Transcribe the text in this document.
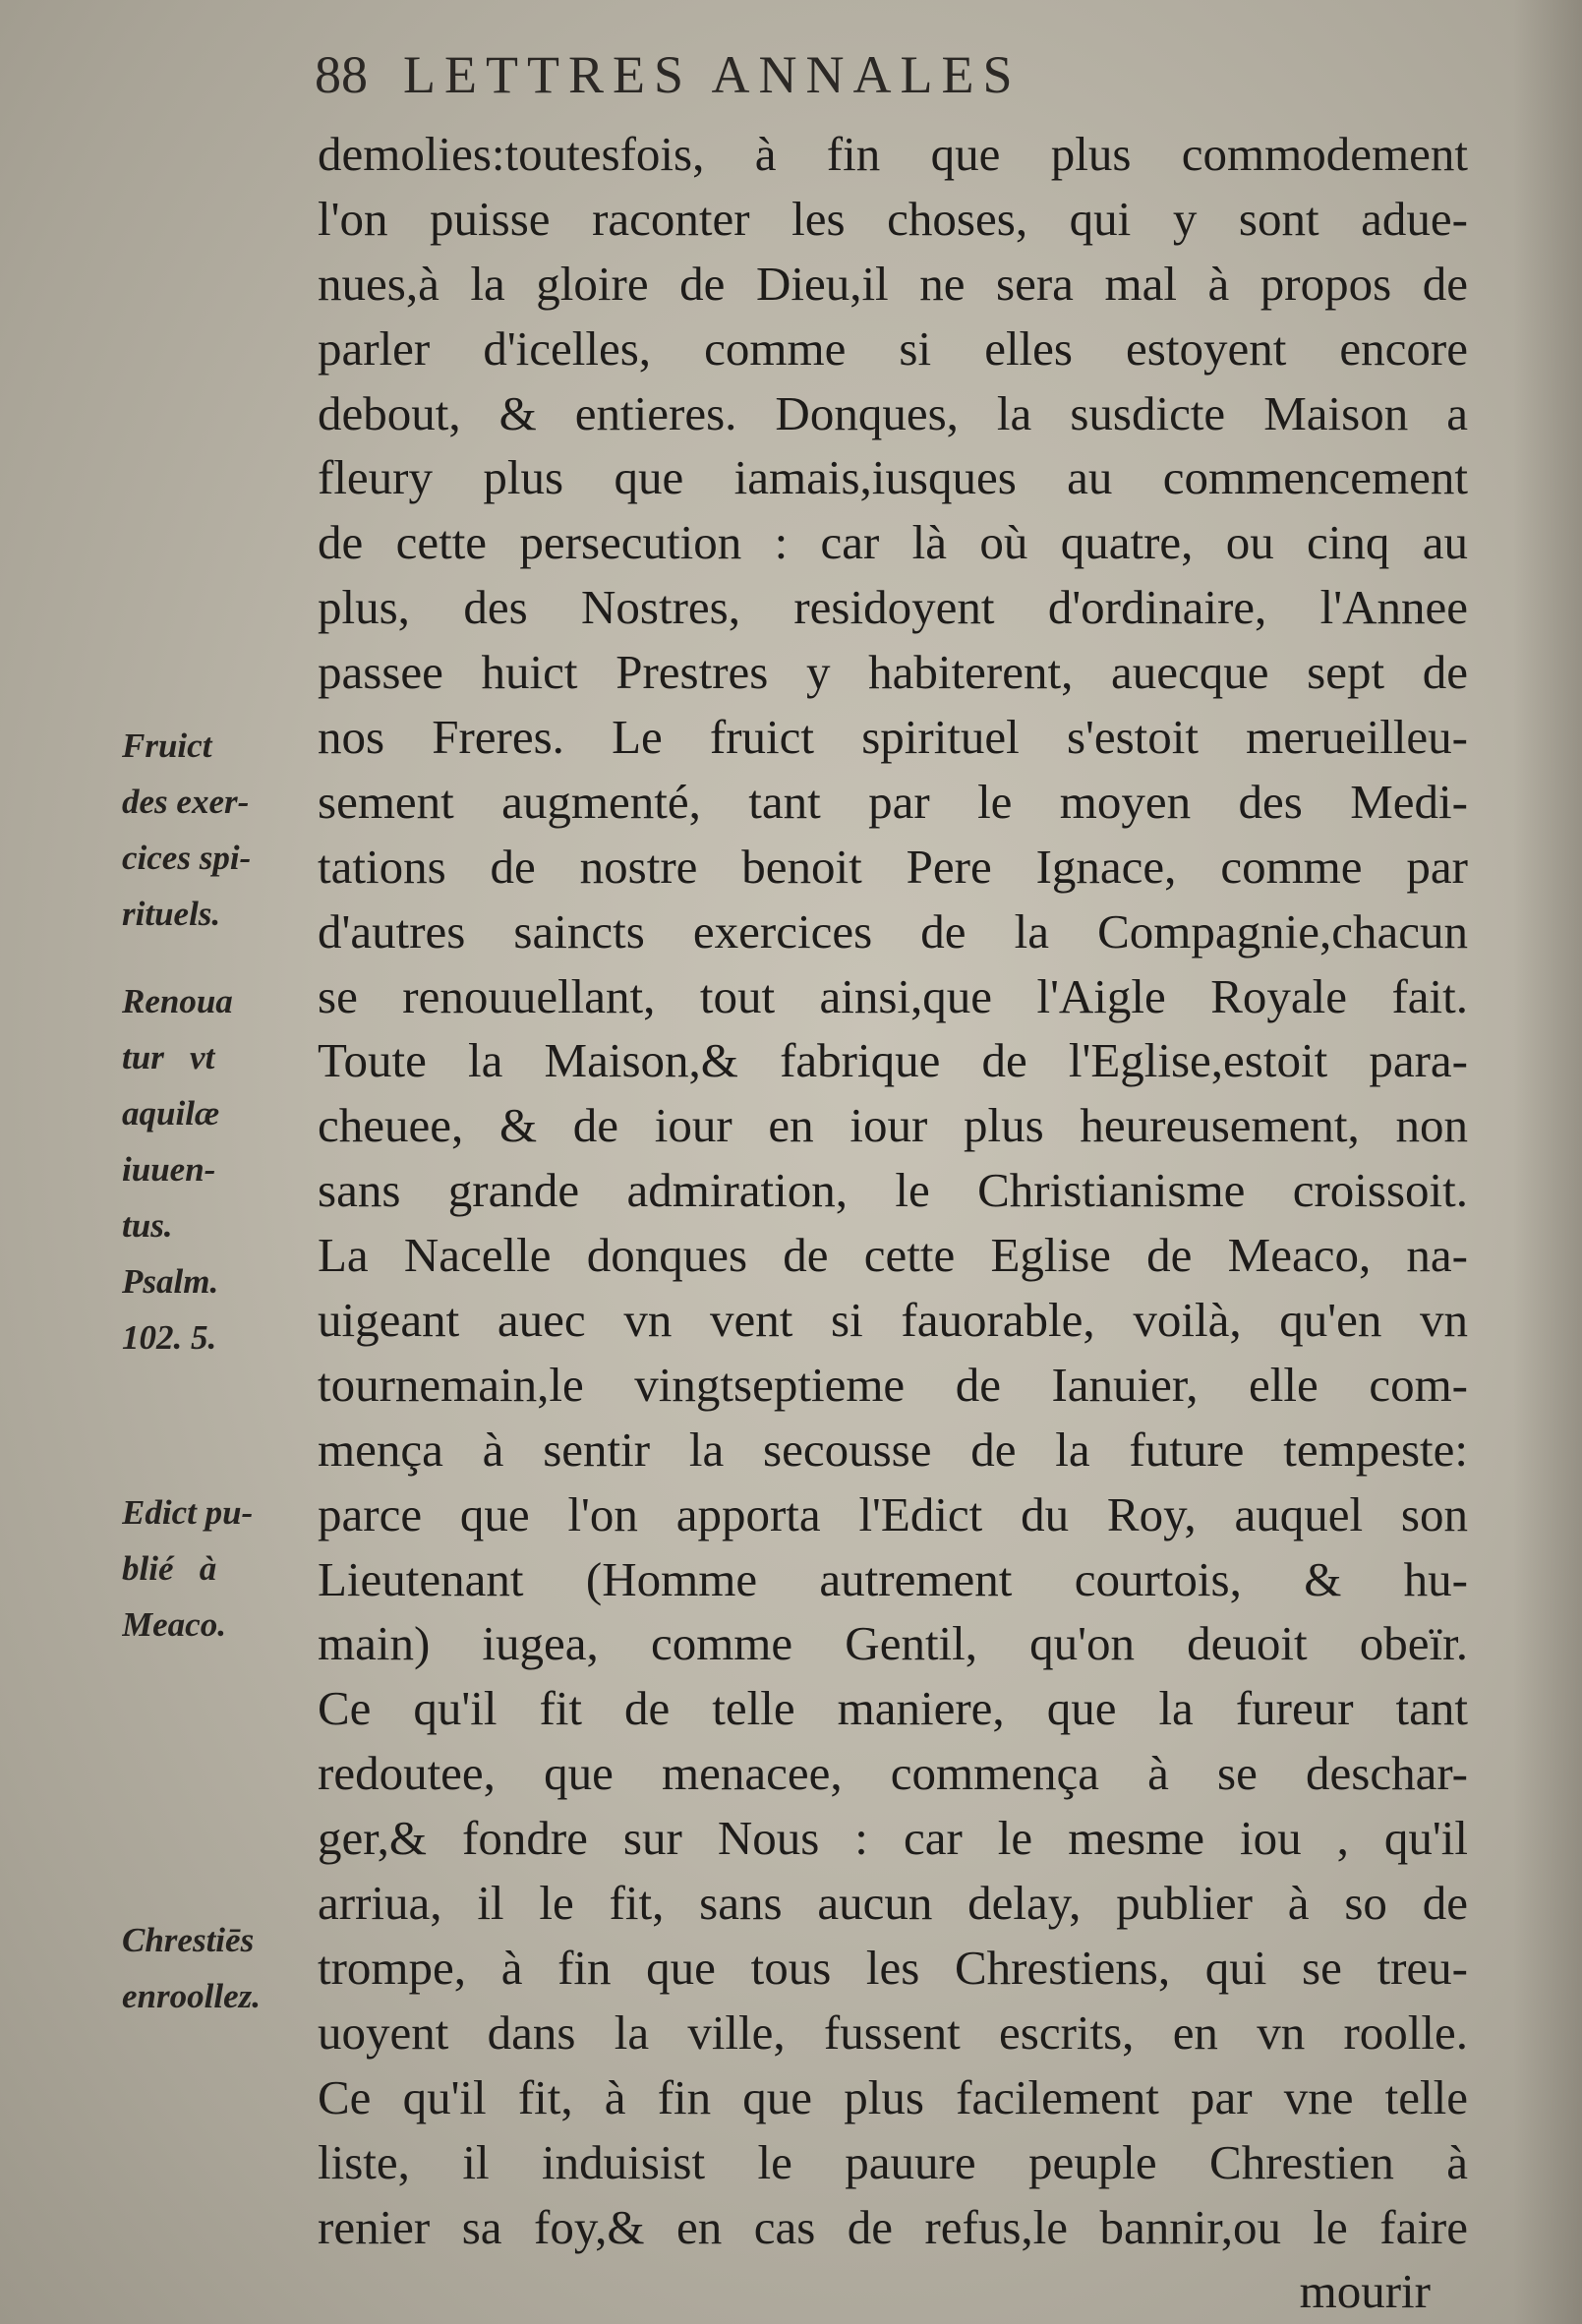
88 LETTRES ANNALES
Fruict
des exer-
cices spi-
rituels.
Renoua
tur   vt
aquilæ
iuuen-
tus.
Psalm.
102. 5.
Edict pu-
blié   à
Meaco.
Chrestiēs
enroollez.
demolies:toutesfois, à fin que plus commodement
l'on puisse raconter les choses, qui y sont adue-
nues,à la gloire de Dieu,il ne sera mal à propos de
parler d'icelles, comme si elles estoyent encore
debout, & entieres. Donques, la susdicte Maison a
fleury plus que iamais,iusques au commencement
de cette persecution : car là où quatre, ou cinq au
plus, des Nostres, residoyent d'ordinaire, l'Annee
passee huict Prestres y habiterent, auecque sept de
nos Freres. Le fruict spirituel s'estoit merueilleu-
sement augmenté, tant par le moyen des Medi-
tations de nostre benoit Pere Ignace, comme par
d'autres saincts exercices de la Compagnie,chacun
se renouuellant, tout ainsi,que l'Aigle Royale fait.
Toute la Maison,& fabrique de l'Eglise,estoit para-
cheuee, & de iour en iour plus heureusement, non
sans grande admiration, le Christianisme croissoit.
La Nacelle donques de cette Eglise de Meaco, na-
uigeant auec vn vent si fauorable, voilà, qu'en vn
tournemain,le vingtseptieme de Ianuier, elle com-
mença à sentir la secousse de la future tempeste:
parce que l'on apporta l'Edict du Roy, auquel son
Lieutenant (Homme autrement courtois, & hu-
main) iugea, comme Gentil, qu'on deuoit obeïr.
Ce qu'il fit de telle maniere, que la fureur tant
redoutee, que menacee, commença à se deschar-
ger,& fondre sur Nous : car le mesme iou , qu'il
arriua, il le fit, sans aucun delay, publier à so de
trompe, à fin que tous les Chrestiens, qui se treu-
uoyent dans la ville, fussent escrits, en vn roolle.
Ce qu'il fit, à fin que plus facilement par vne telle
liste, il induisist le pauure peuple Chrestien à
renier sa foy,& en cas de refus,le bannir,ou le faire
mourir
